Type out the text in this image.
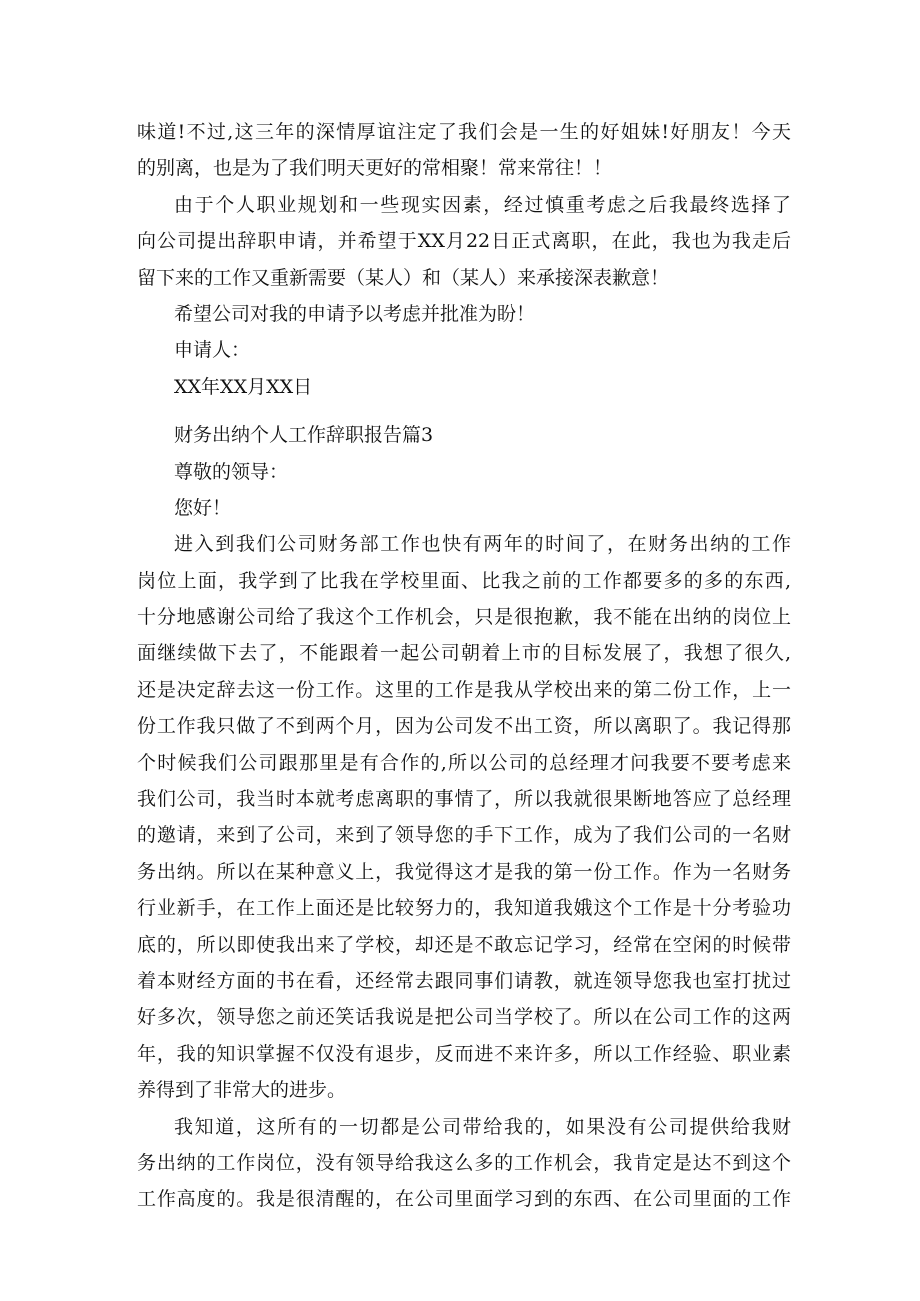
味道!不过,这三年的深情厚谊注定了我们会是一生的好姐妹!好朋友！今天
的别离，也是为了我们明天更好的常相聚！常来常往！！
由于个人职业规划和一些现实因素，经过慎重考虑之后我最终选择了
向公司提出辞职申请，并希望于XX月22日正式离职，在此，我也为我走后
留下来的工作又重新需要（某人）和（某人）来承接深表歉意！
希望公司对我的申请予以考虑并批准为盼！
申请人：
XX年XX月XX日
财务出纳个人工作辞职报告篇3
尊敬的领导：
您好！
进入到我们公司财务部工作也快有两年的时间了，在财务出纳的工作
岗位上面，我学到了比我在学校里面、比我之前的工作都要多的多的东西,
十分地感谢公司给了我这个工作机会，只是很抱歉，我不能在出纳的岗位上
面继续做下去了，不能跟着一起公司朝着上市的目标发展了，我想了很久,
还是决定辞去这一份工作。这里的工作是我从学校出来的第二份工作，上一
份工作我只做了不到两个月，因为公司发不出工资，所以离职了。我记得那
个时候我们公司跟那里是有合作的,所以公司的总经理才问我要不要考虑来
我们公司，我当时本就考虑离职的事情了，所以我就很果断地答应了总经理
的邀请，来到了公司，来到了领导您的手下工作，成为了我们公司的一名财
务出纳。所以在某种意义上，我觉得这才是我的第一份工作。作为一名财务
行业新手，在工作上面还是比较努力的，我知道我娥这个工作是十分考验功
底的，所以即使我出来了学校，却还是不敢忘记学习，经常在空闲的时候带
着本财经方面的书在看，还经常去跟同事们请教，就连领导您我也室打扰过
好多次，领导您之前还笑话我说是把公司当学校了。所以在公司工作的这两
年，我的知识掌握不仅没有退步，反而进不来许多，所以工作经验、职业素
养得到了非常大的进步。
我知道，这所有的一切都是公司带给我的，如果没有公司提供给我财
务出纳的工作岗位，没有领导给我这么多的工作机会，我肯定是达不到这个
工作高度的。我是很清醒的，在公司里面学习到的东西、在公司里面的工作
